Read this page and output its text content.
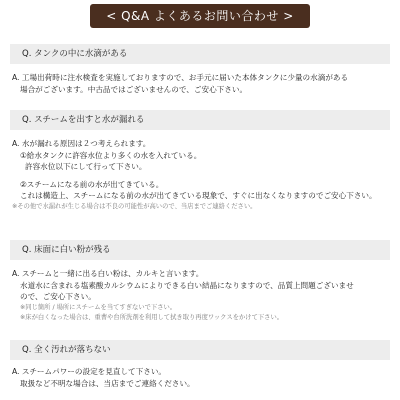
< Q&A よくあるお問い合わせ >
Q. タンクの中に水滴がある
A. 工場出荷時に注水検査を実施しておりますので、お手元に届いた本体タンクに少量の水滴がある
場合がございます。中古品ではございませんので、ご安心下さい。
Q. スチームを出すと水が漏れる
A. 水が漏れる原因は２つ考えられます。
①給水タンクに許容水位より多くの水を入れている。
許容水位以下にして行って下さい。
②スチームになる前の水が出てきている。
これは構造上、スチームになる前の水が出てきている現象で、すぐに出なくなりますのでご安心下さい。
※その他で水漏れが生じる場合は不良の可能性が高いので、当店までご連絡ください。
Q. 床面に白い粉が残る
A. スチームと一緒に出る白い粉は、カルキと言います。
水道水に含まれる塩素酸カルシウムによりできる白い結晶になりますので、品質上問題ございませ
ので、ご安心下さい。
※同じ箇所 / 場所にスチームを当てすぎないで下さい。
※床が白くなった場合は、重曹や台所洗剤を利用して拭き取り再度ワックスをかけて下さい。
Q. 全く汚れが落ちない
A. スチームパワーの設定を見直して下さい。
取扱など不明な場合は、当店までご連絡ください。
